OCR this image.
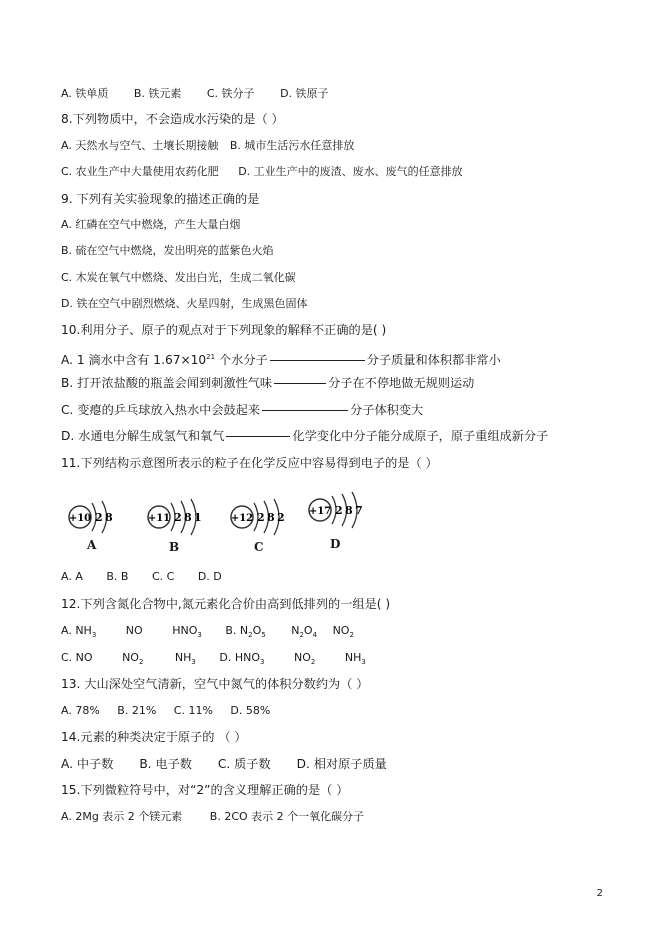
A. 铁单质 B. 铁元素 C. 铁分子 D. 铁原子
8.下列物质中，不会造成水污染的是（ ）
A. 天然水与空气、土壤长期接触 B. 城市生活污水任意排放
C. 农业生产中大量使用农药化肥 D. 工业生产中的废渣、废水、废气的任意排放
9. 下列有关实验现象的描述正确的是
A. 红磷在空气中燃烧，产生大量白烟
B. 硫在空气中燃烧，发出明亮的蓝紫色火焰
C. 木炭在氧气中燃烧、发出白光，生成二氧化碳
D. 铁在空气中剧烈燃烧、火星四射，生成黑色固体
10.利用分子、原子的观点对于下列现象的解释不正确的是( )
A. 1 滴水中含有 $1.67\times 10^{21}$ 个水分子	分子质量和体积都非常小
B. 打开浓盐酸的瓶盖会闻到刺激性气味	分子在不停地做无规则运动
C. 变瘪的乒乓球放入热水中会鼓起来	分子体积变大
D. 水通电分解生成氢气和氧气	化学变化中分子能分成原子，原子重组成新分子
11.下列结构示意图所表示的粒子在化学反应中容易得到电子的是（ ）
+10 2 8
A
+11 2 8 1
B
+12 2 8 2
C
+17 2 8 7
D
A. A B. B C. C D. D
12.下列含氮化合物中,氮元素化合价由高到低排列的一组是( )
A. $NH_3$	NO	$HNO_3$ B. $N_2O_5$ $N_2O_4$ $NO_2$
C. NO	$NO_2$	$NH_3$ D. $HNO_3$	$NO_2$	$NH_3$
13. 大山深处空气清新，空气中氮气的体积分数约为（ ）
A. 78% B. 21% C. 11% D. 58%
14.元素的种类决定于原子的 （ ）
A. 中子数 B. 电子数 C. 质子数 D. 相对原子质量
15.下列微粒符号中，对“2”的含义理解正确的是（ ）
A. 2Mg 表示 2 个镁元素	B. 2CO 表示 2 个一氧化碳分子
2
